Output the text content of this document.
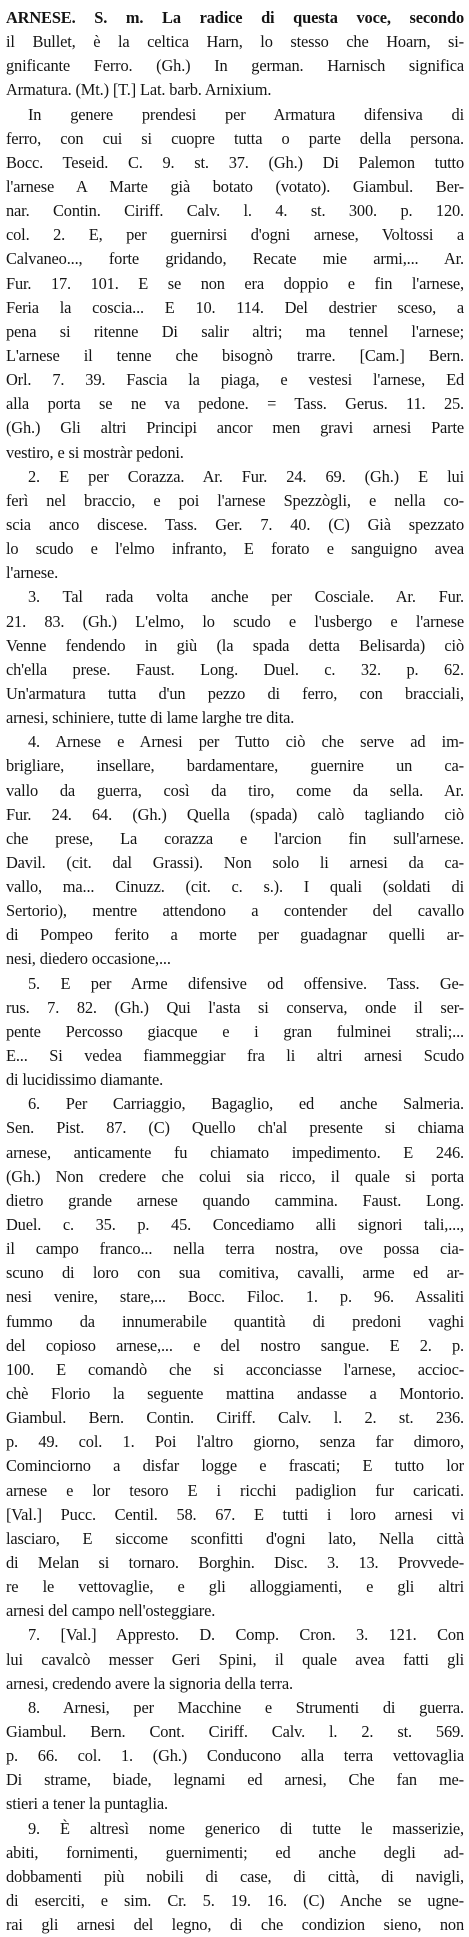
ARNESE. S. m. La radice di questa voce, secondo
il Bullet, è la celtica Harn, lo stesso che Hoarn, si-
gnificante Ferro. (Gh.) In german. Harnisch significa
Armatura. (Mt.) [T.] Lat. barb. Arnixium.
In genere prendesi per Armatura difensiva di
ferro, con cui si cuopre tutta o parte della persona.
Bocc. Teseid. C. 9. st. 37. (Gh.) Di Palemon tutto
l'arnese A Marte già botato (votato). Giambul. Ber-
nar. Contin. Ciriff. Calv. l. 4. st. 300. p. 120.
col. 2. E, per guernirsi d'ogni arnese, Voltossi a
Calvaneo..., forte gridando, Recate mie armi,... Ar.
Fur. 17. 101. E se non era doppio e fin l'arnese,
Feria la coscia... E 10. 114. Del destrier sceso, a
pena si ritenne Di salir altri; ma tennel l'arnese;
L'arnese il tenne che bisognò trarre. [Cam.] Bern.
Orl. 7. 39. Fascia la piaga, e vestesi l'arnese, Ed
alla porta se ne va pedone. = Tass. Gerus. 11. 25.
(Gh.) Gli altri Principi ancor men gravi arnesi Parte
vestiro, e si mostràr pedoni.
2. E per Corazza. Ar. Fur. 24. 69. (Gh.) E lui
ferì nel braccio, e poi l'arnese Spezzògli, e nella co-
scia anco discese. Tass. Ger. 7. 40. (C) Già spezzato
lo scudo e l'elmo infranto, E forato e sanguigno avea
l'arnese.
3. Tal rada volta anche per Cosciale. Ar. Fur.
21. 83. (Gh.) L'elmo, lo scudo e l'usbergo e l'arnese
Venne fendendo in giù (la spada detta Belisarda) ciò
ch'ella prese. Faust. Long. Duel. c. 32. p. 62.
Un'armatura tutta d'un pezzo di ferro, con bracciali,
arnesi, schiniere, tutte di lame larghe tre dita.
4. Arnese e Arnesi per Tutto ciò che serve ad im-
brigliare, insellare, bardamentare, guernire un ca-
vallo da guerra, così da tiro, come da sella. Ar.
Fur. 24. 64. (Gh.) Quella (spada) calò tagliando ciò
che prese, La corazza e l'arcion fin sull'arnese.
Davil. (cit. dal Grassi). Non solo li arnesi da ca-
vallo, ma... Cinuzz. (cit. c. s.). I quali (soldati di
Sertorio), mentre attendono a contender del cavallo
di Pompeo ferito a morte per guadagnar quelli ar-
nesi, diedero occasione,...
5. E per Arme difensive od offensive. Tass. Ge-
rus. 7. 82. (Gh.) Qui l'asta si conserva, onde il ser-
pente Percosso giacque e i gran fulminei strali;...
E... Si vedea fiammeggiar fra li altri arnesi Scudo
di lucidissimo diamante.
6. Per Carriaggio, Bagaglio, ed anche Salmeria.
Sen. Pist. 87. (C) Quello ch'al presente si chiama
arnese, anticamente fu chiamato impedimento. E 246.
(Gh.) Non credere che colui sia ricco, il quale si porta
dietro grande arnese quando cammina. Faust. Long.
Duel. c. 35. p. 45. Concediamo alli signori tali,...,
il campo franco... nella terra nostra, ove possa cia-
scuno di loro con sua comitiva, cavalli, arme ed ar-
nesi venire, stare,... Bocc. Filoc. 1. p. 96. Assaliti
fummo da innumerabile quantità di predoni vaghi
del copioso arnese,... e del nostro sangue. E 2. p.
100. E comandò che si acconciasse l'arnese, accioc-
chè Florio la seguente mattina andasse a Montorio.
Giambul. Bern. Contin. Ciriff. Calv. l. 2. st. 236.
p. 49. col. 1. Poi l'altro giorno, senza far dimoro,
Cominciorno a disfar logge e frascati; E tutto lor
arnese e lor tesoro E i ricchi padiglion fur caricati.
[Val.] Pucc. Centil. 58. 67. E tutti i loro arnesi vi
lasciaro, E siccome sconfitti d'ogni lato, Nella città
di Melan si tornaro. Borghin. Disc. 3. 13. Provvede-
re le vettovaglie, e gli alloggiamenti, e gli altri
arnesi del campo nell'osteggiare.
7. [Val.] Appresto. D. Comp. Cron. 3. 121. Con
lui cavalcò messer Geri Spini, il quale avea fatti gli
arnesi, credendo avere la signoria della terra.
8. Arnesi, per Macchine e Strumenti di guerra.
Giambul. Bern. Cont. Ciriff. Calv. l. 2. st. 569.
p. 66. col. 1. (Gh.) Conducono alla terra vettovaglia
Di strame, biade, legnami ed arnesi, Che fan me-
stieri a tener la puntaglia.
9. È altresì nome generico di tutte le masserizie,
abiti, fornimenti, guernimenti; ed anche degli ad-
dobbamenti più nobili di case, di città, di navigli,
di eserciti, e sim. Cr. 5. 19. 16. (C) Anche se ugne-
rai gli arnesi del legno, di che condizion sieno, non
